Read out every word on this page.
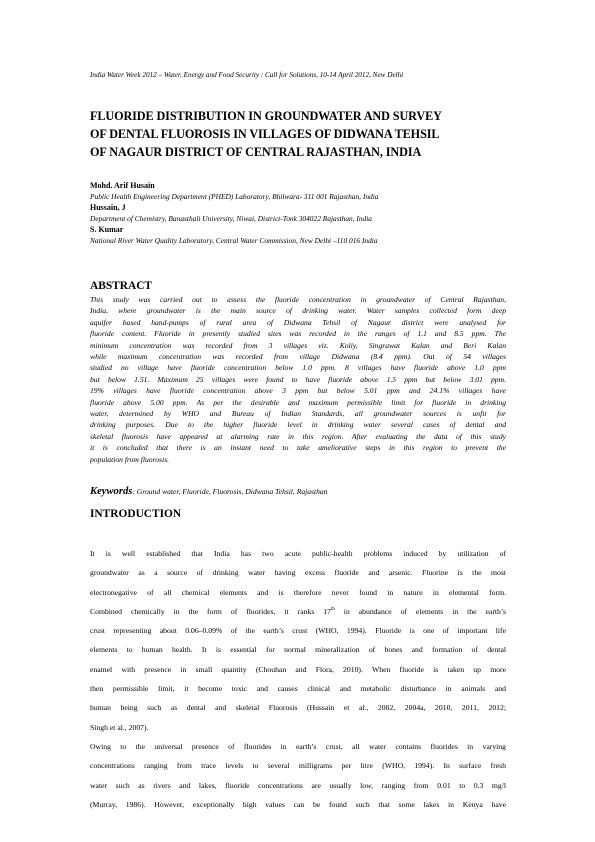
India Water Week 2012 – Water, Energy and Food Security : Call for Solutions, 10-14 April 2012, New Delhi
FLUORIDE DISTRIBUTION IN GROUNDWATER AND SURVEY
OF DENTAL FLUOROSIS IN VILLAGES OF DIDWANA TEHSIL
OF NAGAUR DISTRICT OF CENTRAL RAJASTHAN, INDIA
Mohd. Arif Husain
Public Health Engineering Department (PHED) Laboratory, Bhilwara- 311 001 Rajasthan, India
Hussain, J
Department of Chemistry, Banasthali University, Niwai, District-Tonk 304022 Rajasthan, India
S. Kumar
National River Water Quality Laboratory, Central Water Commission, New Delhi –110 016 India
ABSTRACT
This study was carried out to assess the fluoride concentration in groundwater of Central Rajasthan,
India, where groundwater is the main source of drinking water. Water samples collected form deep
aquifer based hand-pumps of rural area of Didwana Tehsil of Nagaur district were analysed for
fluoride content. Fluoride in presently studied sites was recorded in the ranges of 1.1 and 8.5 ppm. The
minimum concentration was recorded from 3 villages viz. Koliy, Singrawat Kalan and Beri Kalan
while maximum concentration was recorded from village Didwana (8.4 ppm). Out of 54 villages
studied no village have fluoride concentration below 1.0 ppm. 8 villages have fluoride above 1.0 ppm
but below 1.51. Maximum 25 villages were found to have fluoride above 1.5 ppm but below 3.01 ppm.
19% villages have fluoride concentration above 3 ppm but below 5.01 ppm and 24.1% villages have
fluoride above 5.00 ppm. As per the desirable and maximum permissible limit for fluoride in drinking
water, determined by WHO and Bureau of Indian Standards, all groundwater sources is unfit for
drinking purposes. Due to the higher fluoride level in drinking water several cases of dental and
skeletal fluorosis have appeared at alarming rate in this region. After evaluating the data of this study
it is concluded that there is an instant need to take ameliorative steps in this region to prevent the
population from fluorosis.
Keywords: Ground water, Fluoride, Fluorosis, Didwana Tehsil, Rajasthan
INTRODUCTION
It is well established that India has two acute public-health problems induced by utilization of
groundwater as a source of drinking water having excess fluoride and arsenic. Fluorine is the most
electronegative of all chemical elements and is therefore never found in nature in elemental form.
Combined chemically in the form of fluorides, it ranks 17th in abundance of elements in the earth’s
crust representing about 0.06–0.09% of the earth’s crust (WHO, 1994). Fluoride is one of important life
elements to human health. It is essential for normal mineralization of bones and formation of dental
enamel with presence in small quantity (Chouhan and Flora, 2010). When fluoride is taken up more
then permissible limit, it become toxic and causes clinical and metabolic disturbance in animals and
human being such as dental and skeletal Fluorosis (Hussain et al., 2002, 2004a, 2010, 2011, 2012;
Singh et al., 2007).
Owing to the universal presence of fluorides in earth’s crust, all water contains fluorides in varying
concentrations ranging from trace levels to several milligrams per litre (WHO, 1994). In surface fresh
water such as rivers and lakes, fluoride concentrations are usually low, ranging from 0.01 to 0.3 mg/l
(Murray, 1986). However, exceptionally high values can be found such that some lakes in Kenya have
